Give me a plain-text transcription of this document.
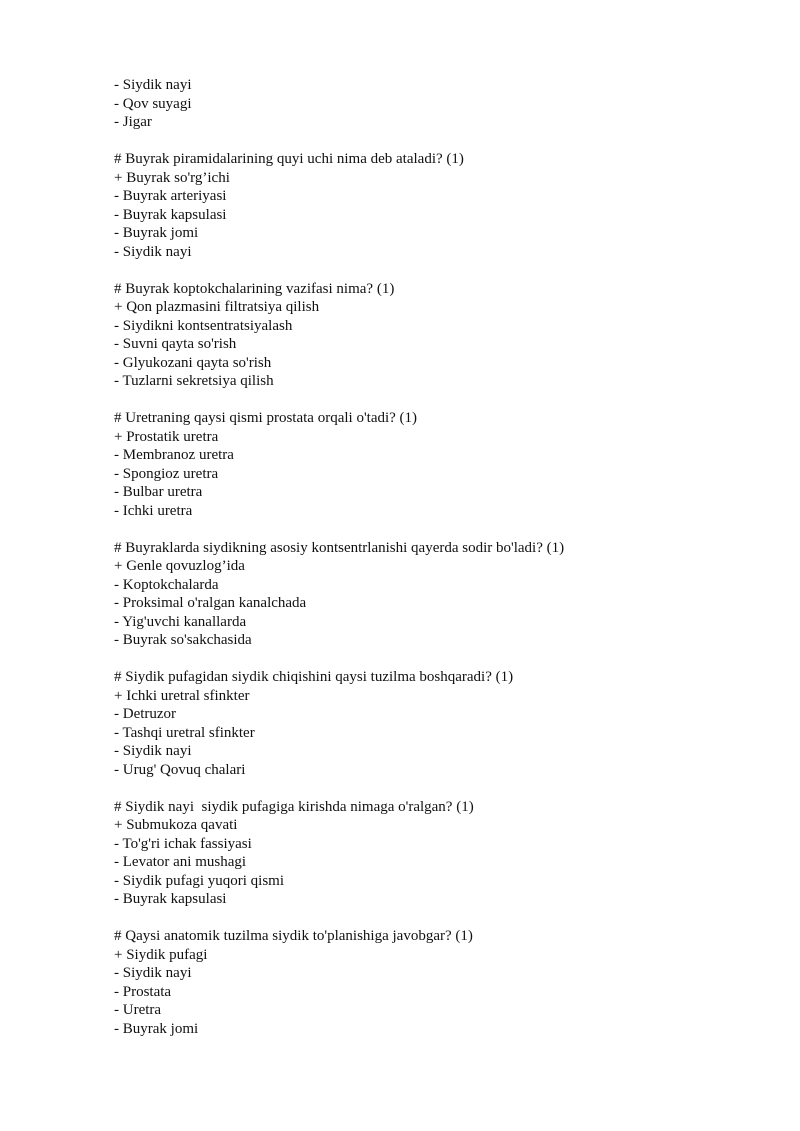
- Siydik nayi
- Qov suyagi
- Jigar
# Buyrak piramidalarining quyi uchi nima deb ataladi? (1)
+ Buyrak so'rg’ichi
- Buyrak arteriyasi
- Buyrak kapsulasi
- Buyrak jomi
- Siydik nayi
# Buyrak koptokchalarining vazifasi nima? (1)
+ Qon plazmasini filtratsiya qilish
- Siydikni kontsentratsiyalash
- Suvni qayta so'rish
- Glyukozani qayta so'rish
- Tuzlarni sekretsiya qilish
# Uretraning qaysi qismi prostata orqali o'tadi? (1)
+ Prostatik uretra
- Membranoz uretra
- Spongioz uretra
- Bulbar uretra
- Ichki uretra
# Buyraklarda siydikning asosiy kontsentrlanishi qayerda sodir bo'ladi? (1)
+ Genle qovuzlog’ida
- Koptokchalarda
- Proksimal o'ralgan kanalchada
- Yig'uvchi kanallarda
- Buyrak so'sakchasida
# Siydik pufagidan siydik chiqishini qaysi tuzilma boshqaradi? (1)
+ Ichki uretral sfinkter
- Detruzor
- Tashqi uretral sfinkter
- Siydik nayi
- Urug' Qovuq chalari
# Siydik nayi  siydik pufagiga kirishda nimaga o'ralgan? (1)
+ Submukoza qavati
- To'g'ri ichak fassiyasi
- Levator ani mushagi
- Siydik pufagi yuqori qismi
- Buyrak kapsulasi
# Qaysi anatomik tuzilma siydik to'planishiga javobgar? (1)
+ Siydik pufagi
- Siydik nayi
- Prostata
- Uretra
- Buyrak jomi
